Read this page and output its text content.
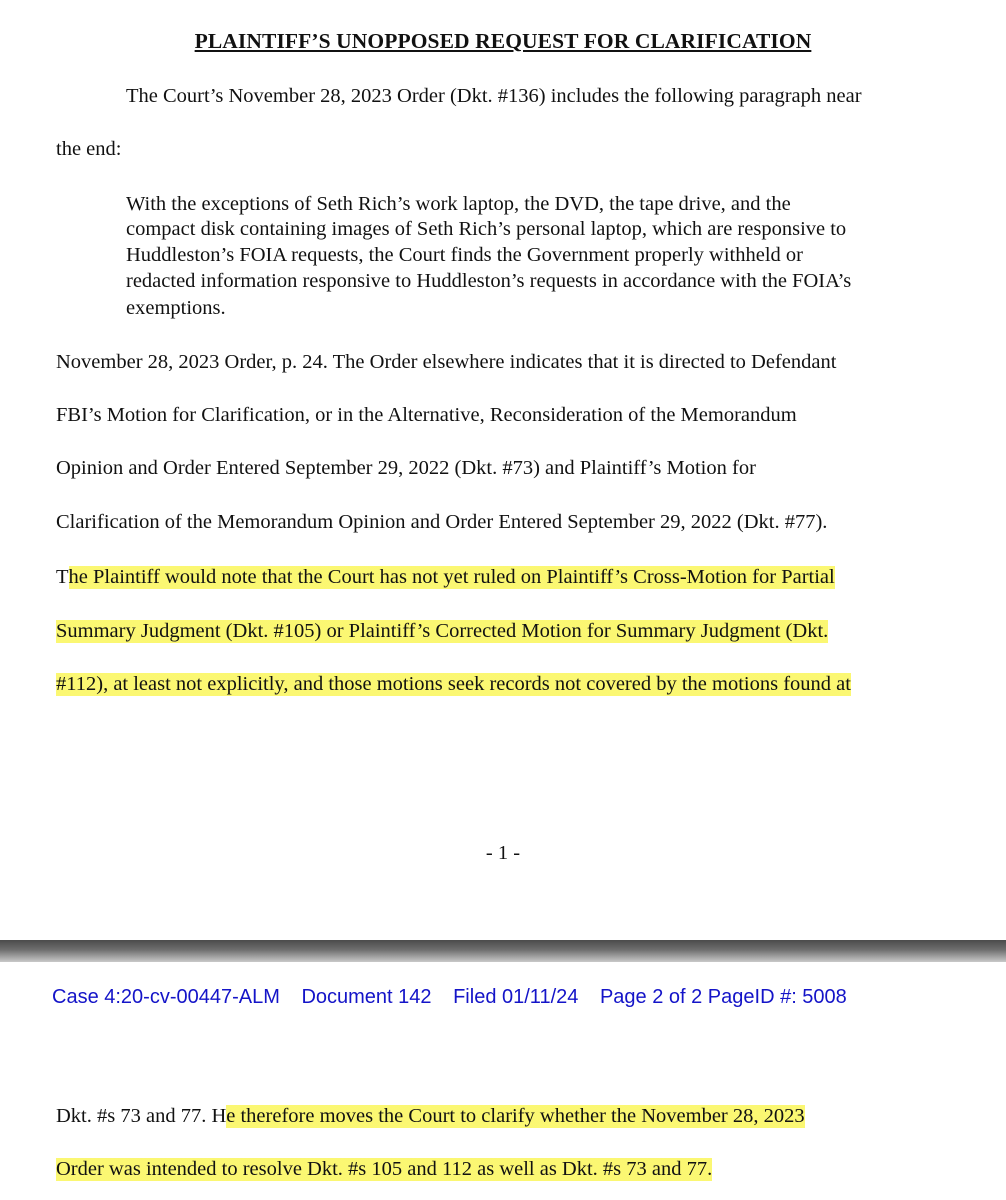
PLAINTIFF’S UNOPPOSED REQUEST FOR CLARIFICATION
The Court’s November 28, 2023 Order (Dkt. #136) includes the following paragraph near
the end:
With the exceptions of Seth Rich’s work laptop, the DVD, the tape drive, and the
compact disk containing images of Seth Rich’s personal laptop, which are responsive to
Huddleston’s FOIA requests, the Court finds the Government properly withheld or
redacted information responsive to Huddleston’s requests in accordance with the FOIA’s
exemptions.
November 28, 2023 Order, p. 24. The Order elsewhere indicates that it is directed to Defendant
FBI’s Motion for Clarification, or in the Alternative, Reconsideration of the Memorandum
Opinion and Order Entered September 29, 2022 (Dkt. #73) and Plaintiff’s Motion for
Clarification of the Memorandum Opinion and Order Entered September 29, 2022 (Dkt. #77).
The Plaintiff would note that the Court has not yet ruled on Plaintiff’s Cross-Motion for Partial
Summary Judgment (Dkt. #105) or Plaintiff’s Corrected Motion for Summary Judgment (Dkt.
#112), at least not explicitly, and those motions seek records not covered by the motions found at
- 1 -
Case 4:20-cv-00447-ALM Document 142 Filed 01/11/24 Page 2 of 2 PageID #: 5008
Dkt. #s 73 and 77. He therefore moves the Court to clarify whether the November 28, 2023
Order was intended to resolve Dkt. #s 105 and 112 as well as Dkt. #s 73 and 77.
